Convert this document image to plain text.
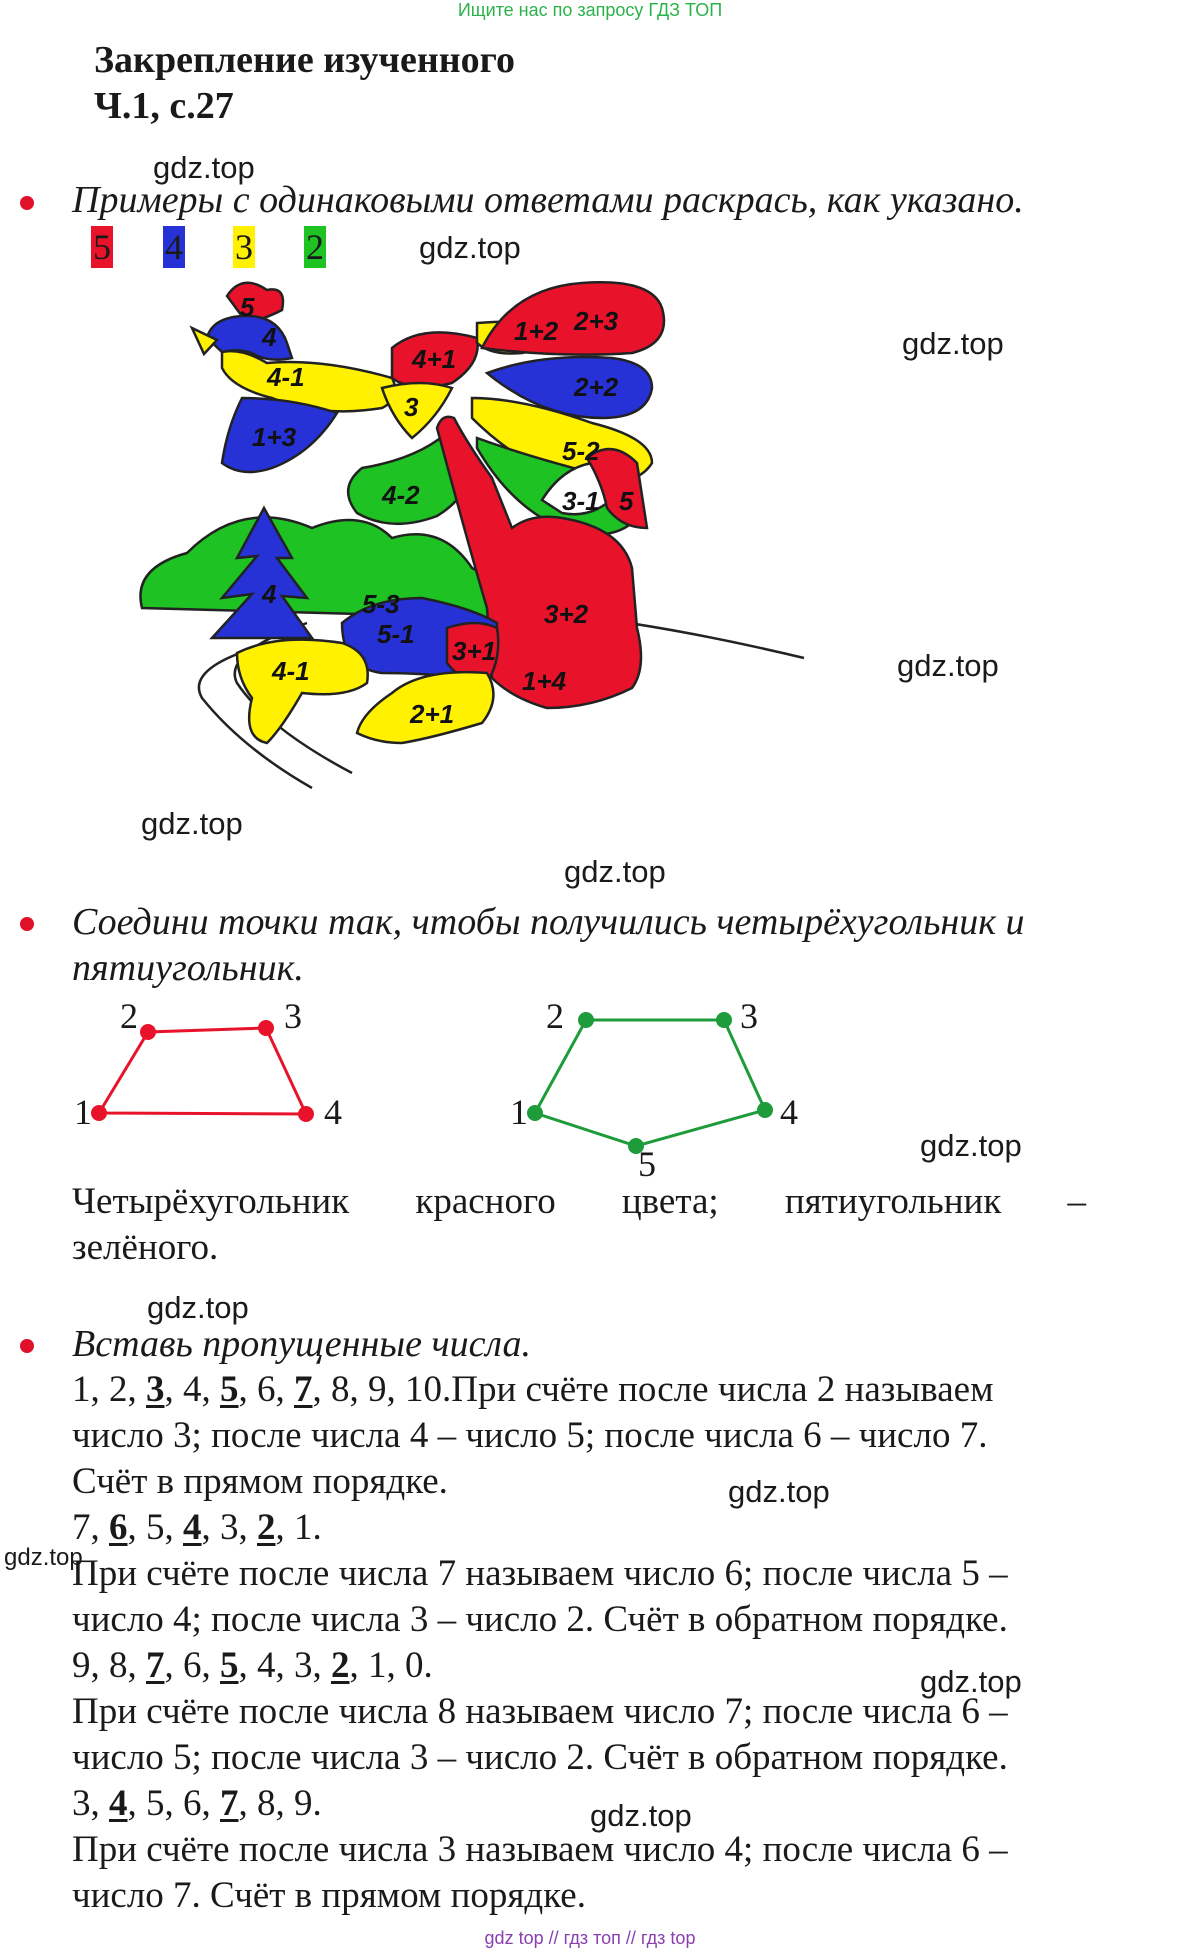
Ищите нас по запросу ГДЗ ТОП
Закрепление изученного
Ч.1, с.27
gdz.top
Примеры с одинаковыми ответами раскрась, как указано.
5 4 3 2	gdz.top
5
4
4-1
1+3
4+1
1+2
3
2+3
2+2
5-2
3-1
4-2
4	5-3
5
3+2
1+4
5-1
3+1
4-1
2+1
gdz.top
gdz.top
gdz.top
gdz.top
Соедини точки так, чтобы получились четырёхугольник и
пятиугольник.
1
2	3
4	1
2	3
4
5	gdz.top
Четырёхугольник красного цвета; пятиугольник –
зелёного.
gdz.top
Вставь пропущенные числа.
1, 2, 3, 4, 5, 6, 7, 8, 9, 10.При счёте после числа 2 называем
число 3; после числа 4 – число 5; после числа 6 – число 7.
Счёт в прямом порядке.	gdz.top
7, 6, 5, 4, 3, 2, 1.
gdz.top
При счёте после числа 7 называем число 6; после числа 5 –
число 4; после числа 3 – число 2. Счёт в обратном порядке.
9, 8, 7, 6, 5, 4, 3, 2, 1, 0.	gdz.top
При счёте после числа 8 называем число 7; после числа 6 –
число 5; после числа 3 – число 2. Счёт в обратном порядке.
3, 4, 5, 6, 7, 8, 9.	gdz.top
При счёте после числа 3 называем число 4; после числа 6 –
число 7. Счёт в прямом порядке.
gdz top // гдз топ // гдз top
